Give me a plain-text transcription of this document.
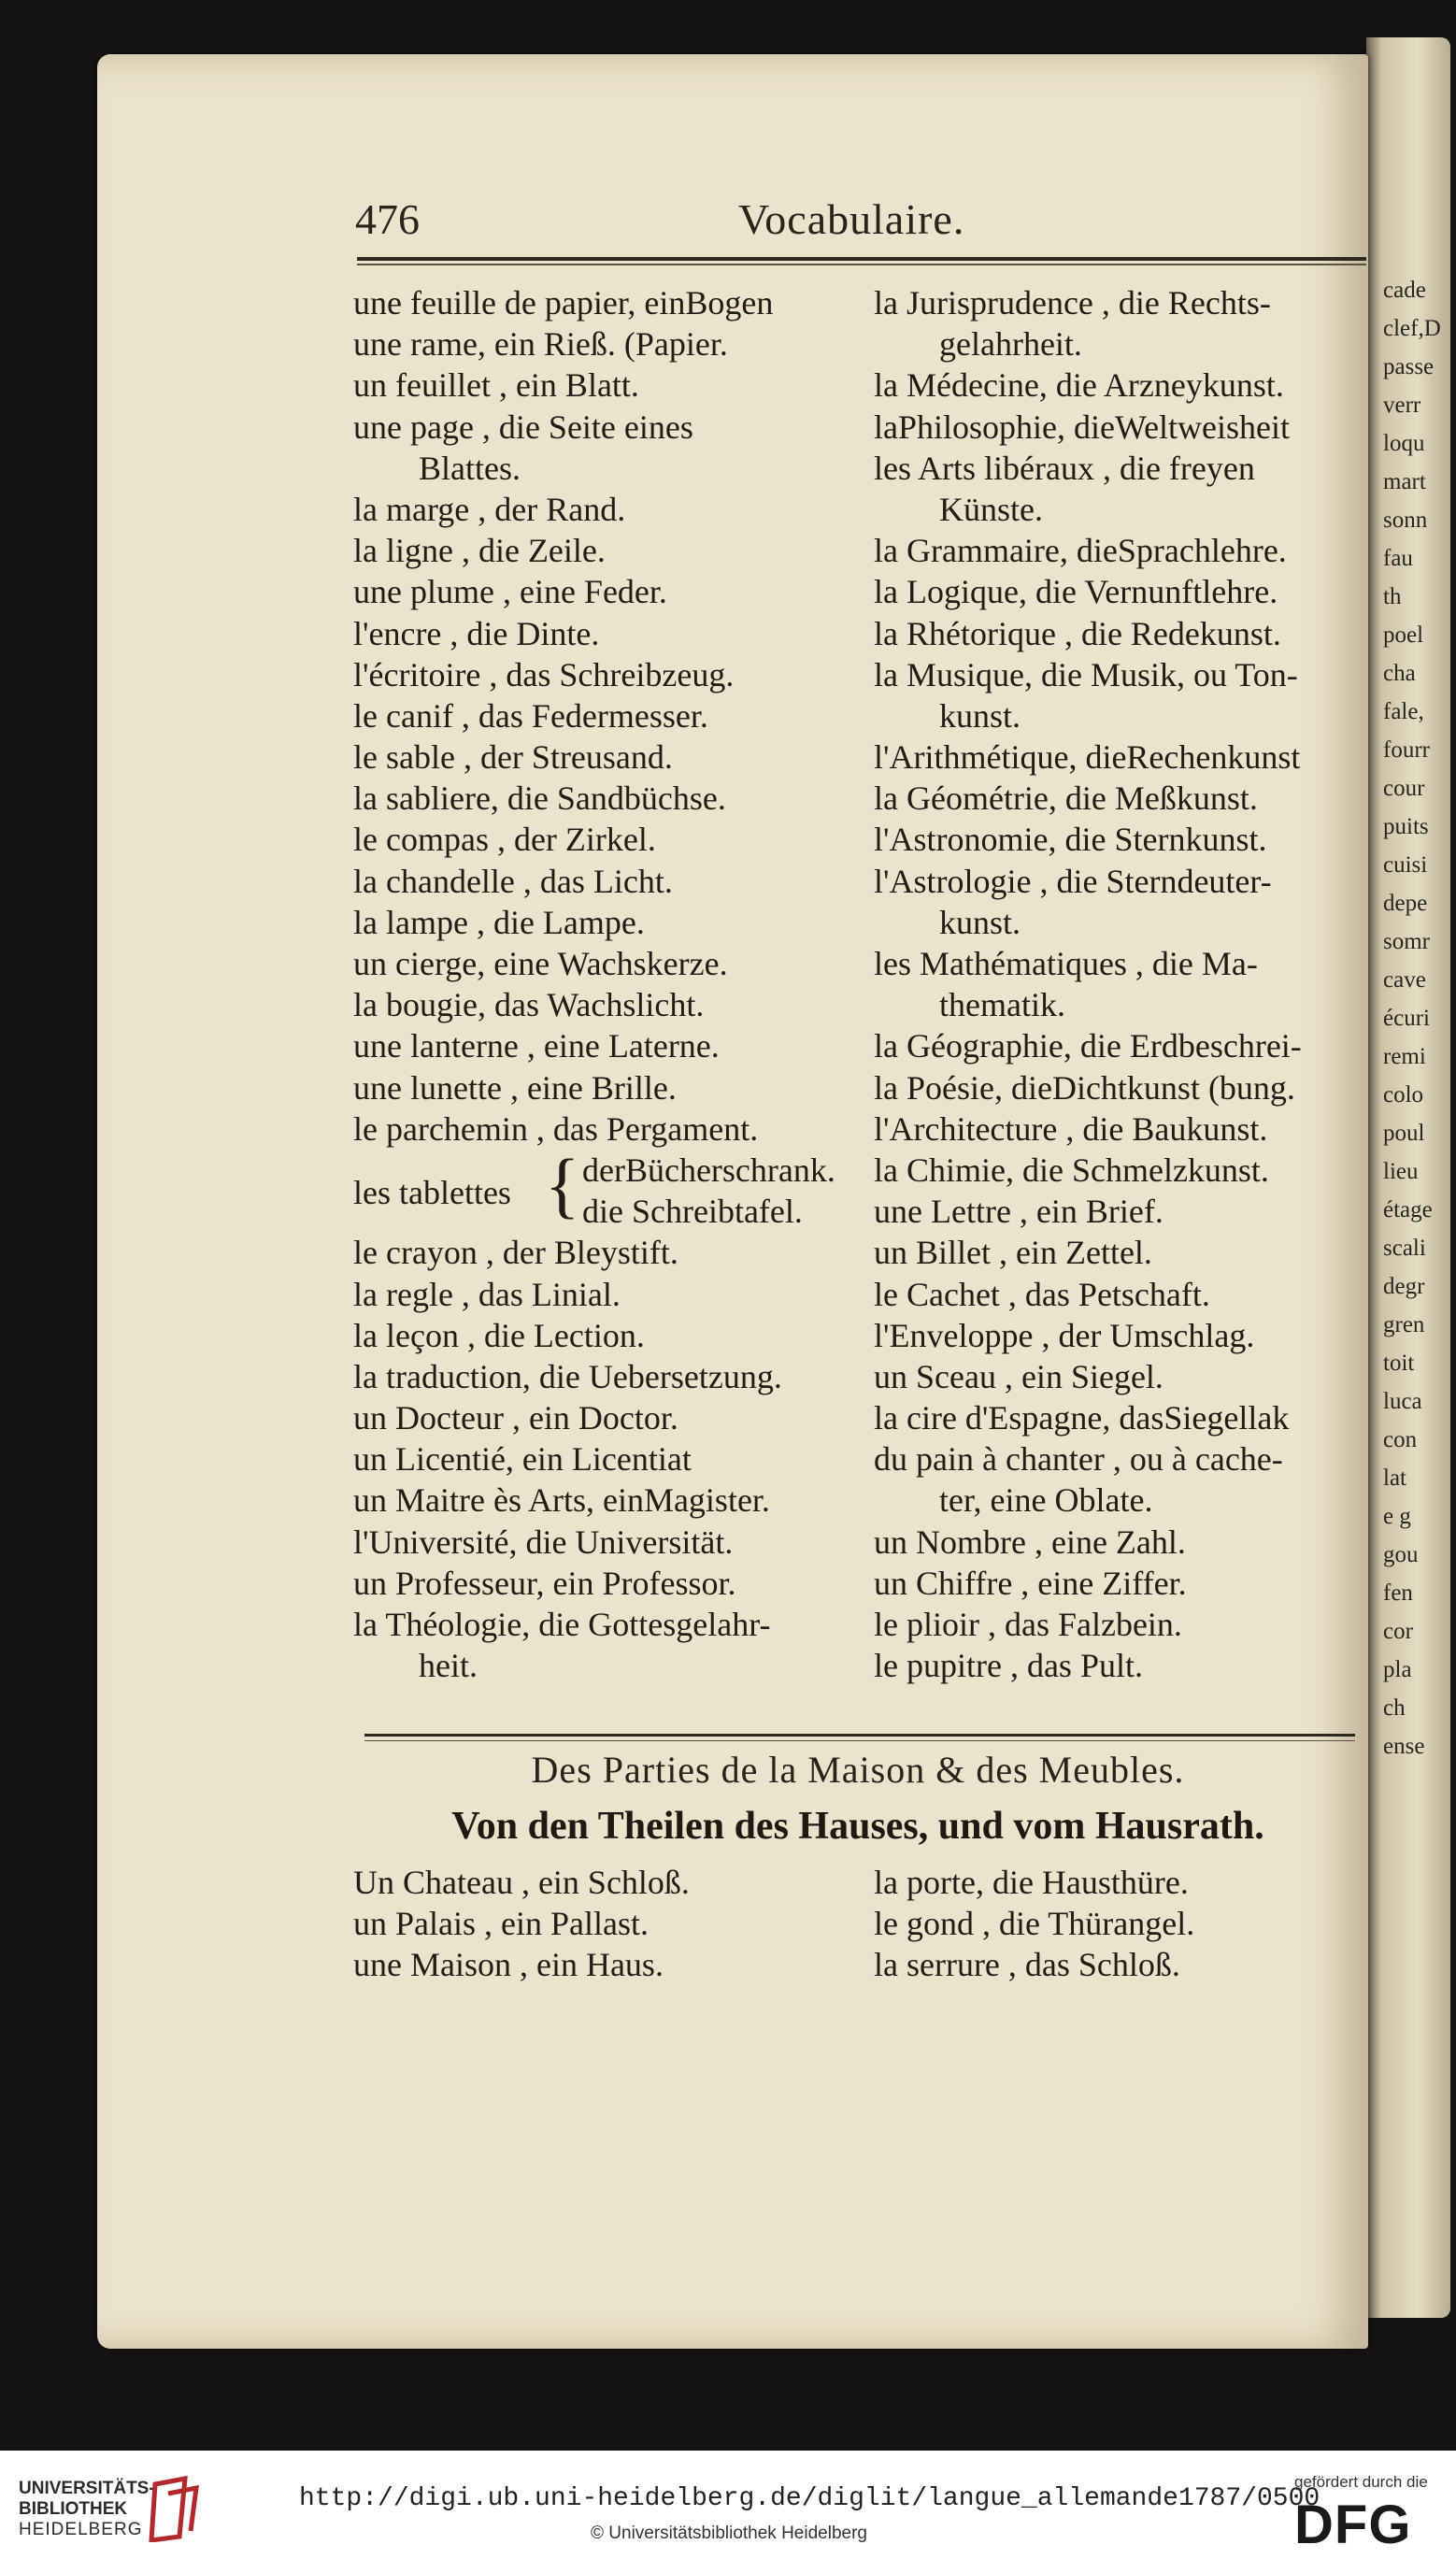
cade
clef,D
passe
verr
loqu
mart
sonn
fau
th
poel
cha
fale,
fourr
cour
puits
cuisi
depe
somr
cave
écuri
remi
colo
poul
lieu
étage
scali
degr
gren
toit
luca
con
lat
e g
gou
fen
cor
pla
ch
ense
476	Vocabulaire.
une feuille de papier, einBogen
une rame, ein Rieß. (Papier.
un feuillet , ein Blatt.
une page , die Seite eines
Blattes.
la marge , der Rand.
la ligne , die Zeile.
une plume , eine Feder.
l'encre , die Dinte.
l'écritoire , das Schreibzeug.
le canif , das Federmesser.
le sable , der Streusand.
la sabliere, die Sandbüchse.
le compas , der Zirkel.
la chandelle , das Licht.
la lampe , die Lampe.
un cierge, eine Wachskerze.
la bougie, das Wachslicht.
une lanterne , eine Laterne.
une lunette , eine Brille.
le parchemin , das Pergament.
les tablettes { derBücherschrank.
die Schreibtafel.
le crayon , der Bleystift.
la regle , das Linial.
la leçon , die Lection.
la traduction, die Uebersetzung.
un Docteur , ein Doctor.
un Licentié, ein Licentiat
un Maitre ès Arts, einMagister.
l'Université, die Universität.
un Professeur, ein Professor.
la Théologie, die Gottesgelahr-
heit.
la Jurisprudence , die Rechts-
gelahrheit.
la Médecine, die Arzneykunst.
laPhilosophie, dieWeltweisheit
les Arts libéraux , die freyen
Künste.
la Grammaire, dieSprachlehre.
la Logique, die Vernunftlehre.
la Rhétorique , die Redekunst.
la Musique, die Musik, ou Ton-
kunst.
l'Arithmétique, dieRechenkunst
la Géométrie, die Meßkunst.
l'Astronomie, die Sternkunst.
l'Astrologie , die Sterndeuter-
kunst.
les Mathématiques , die Ma-
thematik.
la Géographie, die Erdbeschrei-
la Poésie, dieDichtkunst (bung.
l'Architecture , die Baukunst.
la Chimie, die Schmelzkunst.
une Lettre , ein Brief.
un Billet , ein Zettel.
le Cachet , das Petschaft.
l'Enveloppe , der Umschlag.
un Sceau , ein Siegel.
la cire d'Espagne, dasSiegellak
du pain à chanter , ou à cache-
ter, eine Oblate.
un Nombre , eine Zahl.
un Chiffre , eine Ziffer.
le plioir , das Falzbein.
le pupitre , das Pult.
Des Parties de la Maison & des Meubles.
Von den Theilen des Hauses, und vom Hausrath.
Un Chateau , ein Schloß.
un Palais , ein Pallast.
une Maison , ein Haus.
la porte, die Hausthüre.
le gond , die Thürangel.
la serrure , das Schloß.
UNIVERSITÄTS-
BIBLIOTHEK
HEIDELBERG
http://digi.ub.uni-heidelberg.de/diglit/langue_allemande1787/0500
© Universitätsbibliothek Heidelberg
gefördert durch die
DFG
